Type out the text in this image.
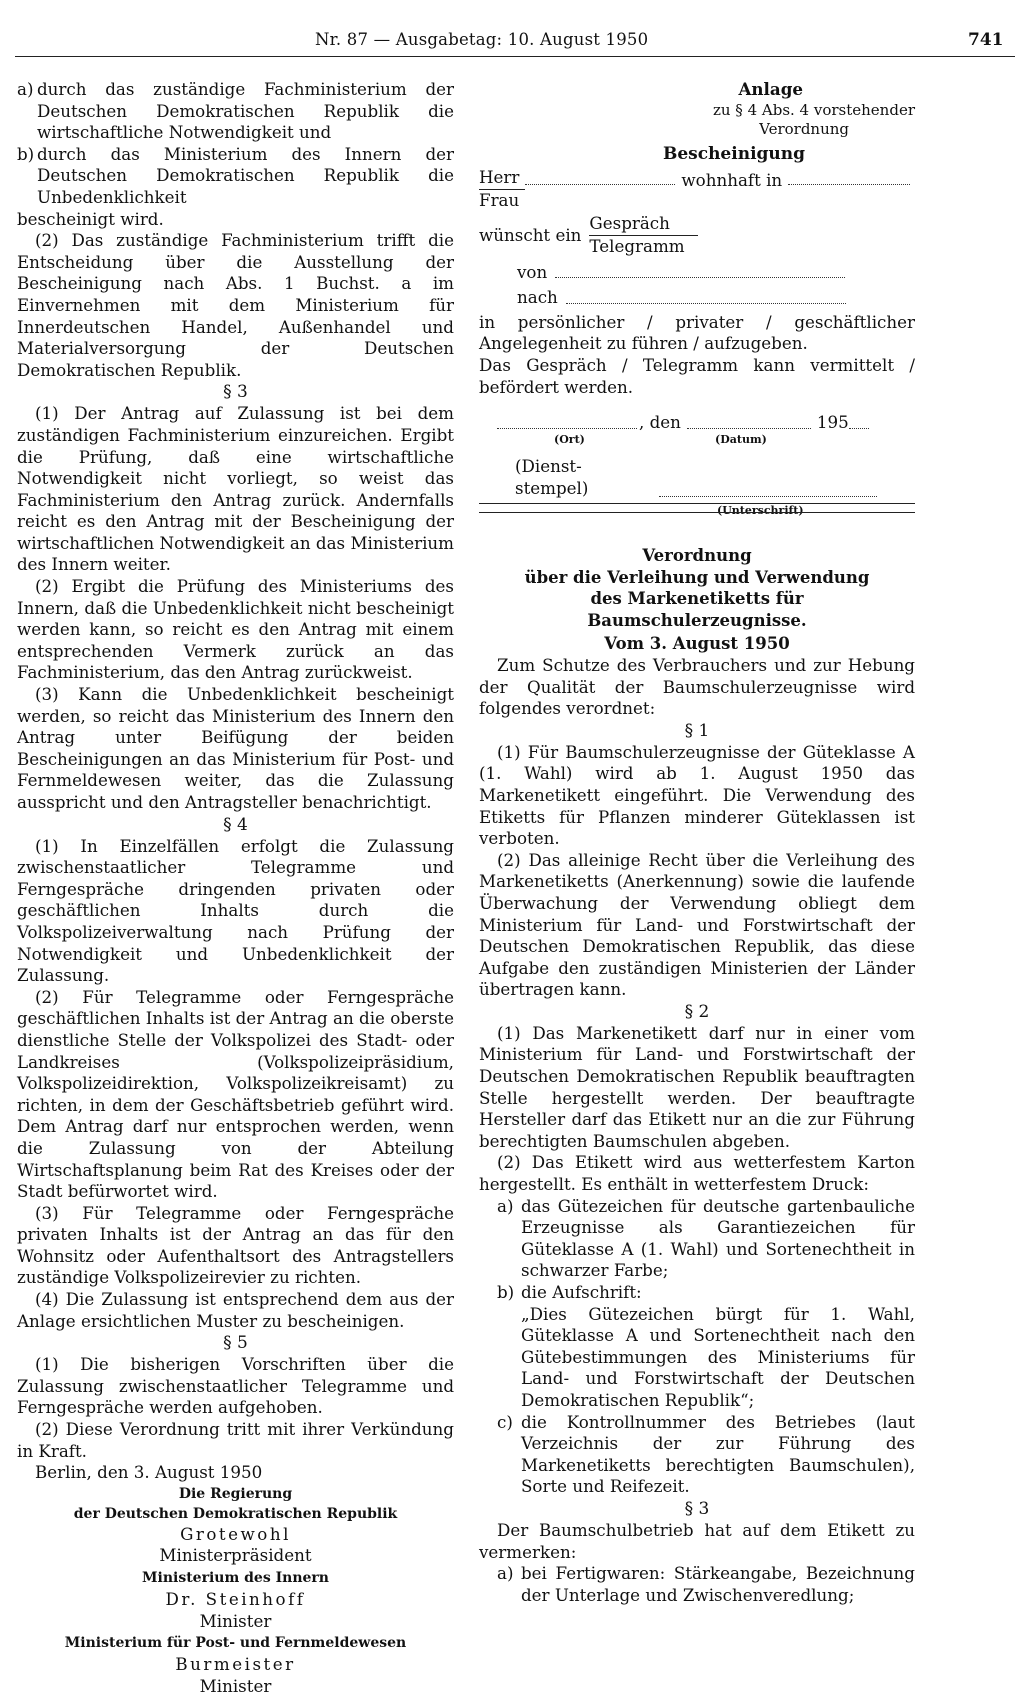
Nr. 87 — Ausgabetag: 10. August 1950	741
a) durch das zuständige Fachministerium der Deutschen Demokratischen Republik die wirtschaftliche Notwendigkeit und
b) durch das Ministerium des Innern der Deutschen Demokratischen Republik die Unbedenklichkeit

bescheinigt wird.

(2) Das zuständige Fachministerium trifft die Entscheidung über die Ausstellung der Bescheinigung nach Abs. 1 Buchst. a im Einvernehmen mit dem Ministerium für Innerdeutschen Handel, Außenhandel und Materialversorgung der Deutschen Demokratischen Republik.

§ 3

(1) Der Antrag auf Zulassung ist bei dem zuständigen Fachministerium einzureichen. Ergibt die Prüfung, daß eine wirtschaftliche Notwendigkeit nicht vorliegt, so weist das Fachministerium den Antrag zurück. Andernfalls reicht es den Antrag mit der Bescheinigung der wirtschaftlichen Notwendigkeit an das Ministerium des Innern weiter.

(2) Ergibt die Prüfung des Ministeriums des Innern, daß die Unbedenklichkeit nicht bescheinigt werden kann, so reicht es den Antrag mit einem entsprechenden Vermerk zurück an das Fachministerium, das den Antrag zurückweist.

(3) Kann die Unbedenklichkeit bescheinigt werden, so reicht das Ministerium des Innern den Antrag unter Beifügung der beiden Bescheinigungen an das Ministerium für Post- und Fernmeldewesen weiter, das die Zulassung ausspricht und den Antragsteller benachrichtigt.

§ 4

(1) In Einzelfällen erfolgt die Zulassung zwischenstaatlicher Telegramme und Ferngespräche dringenden privaten oder geschäftlichen Inhalts durch die Volkspolizeiverwaltung nach Prüfung der Notwendigkeit und Unbedenklichkeit der Zulassung.

(2) Für Telegramme oder Ferngespräche geschäftlichen Inhalts ist der Antrag an die oberste dienstliche Stelle der Volkspolizei des Stadt- oder Landkreises (Volkspolizeipräsidium, Volkspolizeidirektion, Volkspolizeikreisamt) zu richten, in dem der Geschäftsbetrieb geführt wird. Dem Antrag darf nur entsprochen werden, wenn die Zulassung von der Abteilung Wirtschaftsplanung beim Rat des Kreises oder der Stadt befürwortet wird.

(3) Für Telegramme oder Ferngespräche privaten Inhalts ist der Antrag an das für den Wohnsitz oder Aufenthaltsort des Antragstellers zuständige Volkspolizeirevier zu richten.

(4) Die Zulassung ist entsprechend dem aus der Anlage ersichtlichen Muster zu bescheinigen.

§ 5

(1) Die bisherigen Vorschriften über die Zulassung zwischenstaatlicher Telegramme und Ferngespräche werden aufgehoben.

(2) Diese Verordnung tritt mit ihrer Verkündung in Kraft.

Berlin, den 3. August 1950

Die Regierung

der Deutschen Demokratischen Republik

Grotewohl

Ministerpräsident

Ministerium des Innern

Dr. Steinhoff

Minister

Ministerium für Post- und Fernmeldewesen

Burmeister

Minister

Anlage

zu § 4 Abs. 4 vorstehender

Verordnung

Bescheinigung

$\frac{\text{Herr}}{\text{Frau}}$	wohnhaft in
wünscht ein $\frac{\text{Gespräch}}{\text{Telegramm}}$
von
nach

in persönlicher / privater / geschäftlicher Angelegenheit zu führen / aufzugeben.

Das Gespräch / Telegramm kann vermittelt / befördert werden.

, den	195
(Ort)	(Datum)
(Dienst-
stempel)
(Unterschrift)

Verordnung

über die Verleihung und Verwendung

des Markenetiketts für Baumschulerzeugnisse.

Vom 3. August 1950

Zum Schutze des Verbrauchers und zur Hebung der Qualität der Baumschulerzeugnisse wird folgendes verordnet:

§ 1

(1) Für Baumschulerzeugnisse der Güteklasse A (1. Wahl) wird ab 1. August 1950 das Markenetikett eingeführt. Die Verwendung des Etiketts für Pflanzen minderer Güteklassen ist verboten.

(2) Das alleinige Recht über die Verleihung des Markenetiketts (Anerkennung) sowie die laufende Überwachung der Verwendung obliegt dem Ministerium für Land- und Forstwirtschaft der Deutschen Demokratischen Republik, das diese Aufgabe den zuständigen Ministerien der Länder übertragen kann.

§ 2

(1) Das Markenetikett darf nur in einer vom Ministerium für Land- und Forstwirtschaft der Deutschen Demokratischen Republik beauftragten Stelle hergestellt werden. Der beauftragte Hersteller darf das Etikett nur an die zur Führung berechtigten Baumschulen abgeben.

(2) Das Etikett wird aus wetterfestem Karton hergestellt. Es enthält in wetterfestem Druck:

a) das Gütezeichen für deutsche gartenbauliche Erzeugnisse als Garantiezeichen für Güteklasse A (1. Wahl) und Sortenechtheit in schwarzer Farbe;
b) die Aufschrift:
„Dies Gütezeichen bürgt für 1. Wahl, Güteklasse A und Sortenechtheit nach den Gütebestimmungen des Ministeriums für Land- und Forstwirtschaft der Deutschen Demokratischen Republik“;
c) die Kontrollnummer des Betriebes (laut Verzeichnis der zur Führung des Markenetiketts berechtigten Baumschulen), Sorte und Reifezeit.

§ 3

Der Baumschulbetrieb hat auf dem Etikett zu vermerken:

a) bei Fertigwaren: Stärkeangabe, Bezeichnung der Unterlage und Zwischenveredlung;
